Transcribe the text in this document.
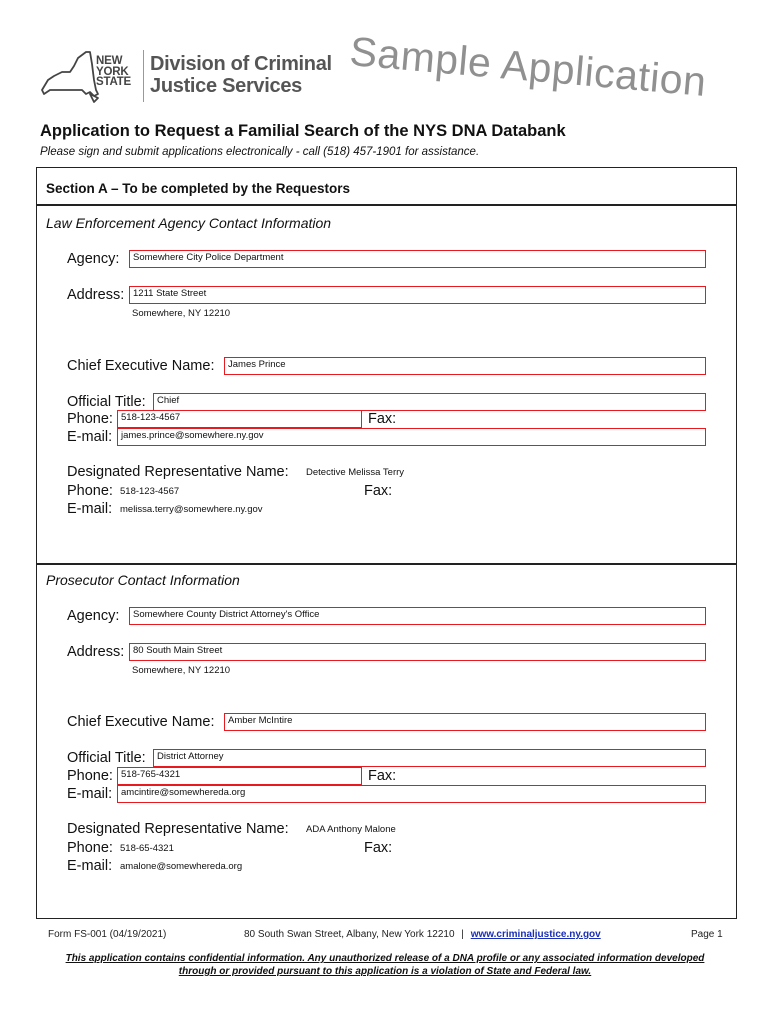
NEW
YORK
STATE
Division of Criminal
Justice Services	Sample Application
Application to Request a Familial Search of the NYS DNA Databank
Please sign and submit applications electronically - call (518) 457-1901 for assistance.
Section A – To be completed by the Requestors
Law Enforcement Agency Contact Information
Agency:	Somewhere City Police Department
Address: 1211 State Street
Somewhere, NY 12210
Chief Executive Name:	James Prince
Official Title:	Chief
Phone: 518-123-4567	Fax:
E-mail: james.prince@somewhere.ny.gov
Designated Representative Name: Detective Melissa Terry
Phone: 518-123-4567	Fax:
E-mail: melissa.terry@somewhere.ny.gov
Prosecutor Contact Information
Agency:	Somewhere County District Attorney's Office
Address: 80 South Main Street
Somewhere, NY 12210
Chief Executive Name:	Amber McIntire
Official Title:	District Attorney
Phone: 518-765-4321	Fax:
E-mail: amcintire@somewhereda.org
Designated Representative Name: ADA Anthony Malone
Phone: 518-65-4321	Fax:
E-mail: amalone@somewhereda.org
Form FS-001 (04/19/2021)	80 South Swan Street, Albany, New York 12210 | www.criminaljustice.ny.gov	Page 1
This application contains confidential information. Any unauthorized release of a DNA profile or any associated information developed
through or provided pursuant to this application is a violation of State and Federal law.
